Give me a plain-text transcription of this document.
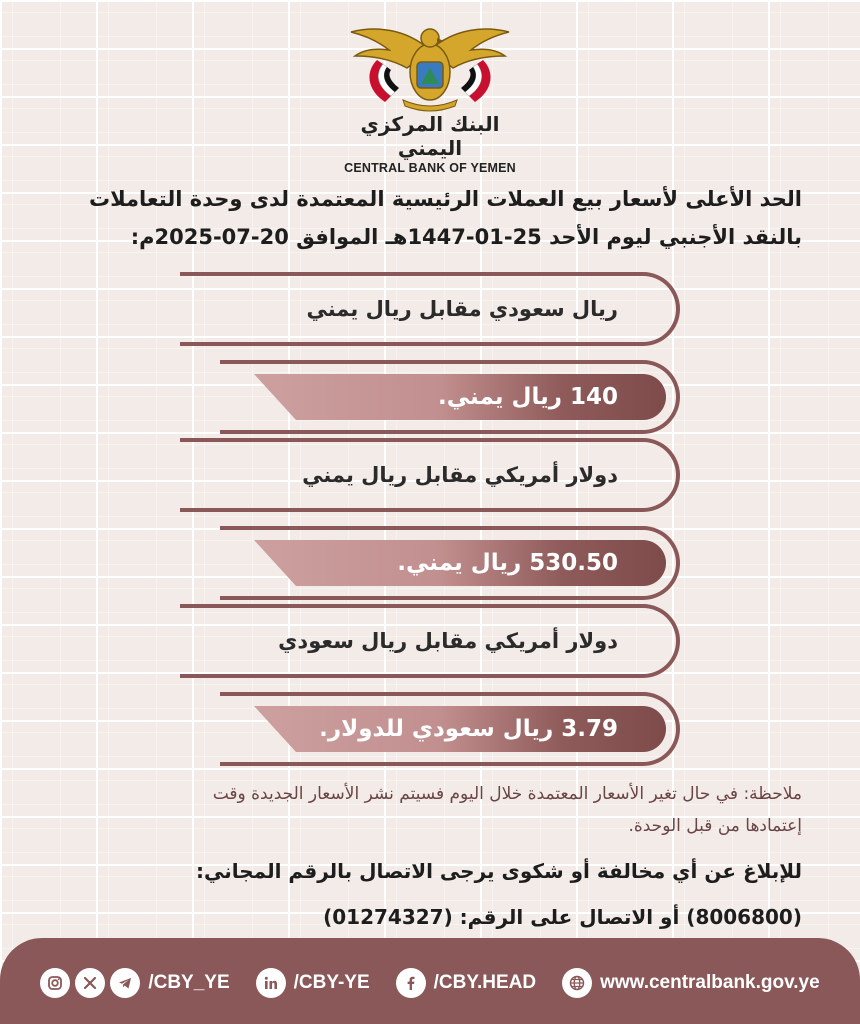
البنك المركزي اليمني
CENTRAL BANK OF YEMEN
الحد الأعلى لأسعار بيع العملات الرئيسية المعتمدة لدى وحدة التعاملات
بالنقد الأجنبي ليوم الأحد 25-01-1447هـ الموافق 20-07-2025م:
ريال سعودي مقابل ريال يمني
140 ريال يمني.
دولار أمريكي مقابل ريال يمني
530.50 ريال يمني.
دولار أمريكي مقابل ريال سعودي
3.79 ريال سعودي للدولار.
ملاحظة: في حال تغير الأسعار المعتمدة خلال اليوم فسيتم نشر الأسعار الجديدة وقت
إعتمادها من قبل الوحدة.
للإبلاغ عن أي مخالفة أو شكوى يرجى الاتصال بالرقم المجاني:
(8006800) أو الاتصال على الرقم: (01274327)
/CBY_YE	/CBY-YE	/CBY.HEAD	www.centralbank.gov.ye
